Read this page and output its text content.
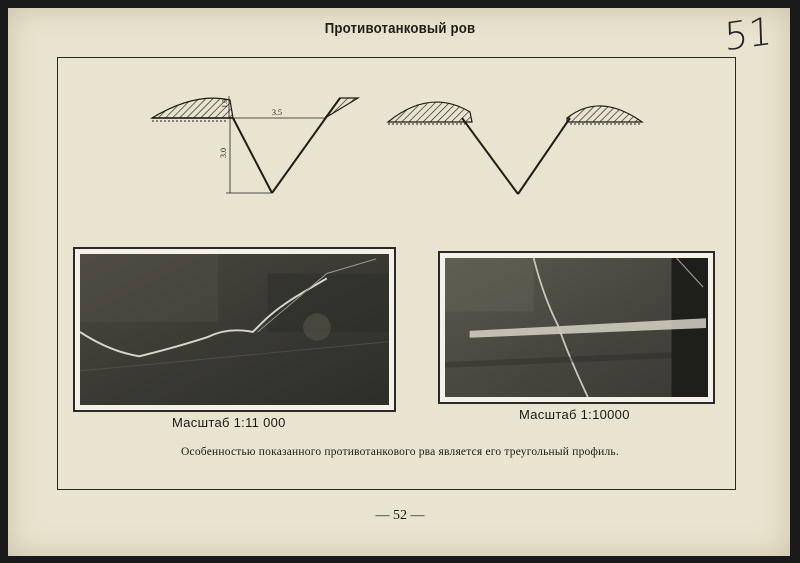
Противотанковый ров	51
3.5
3.0
1.0
Масштаб 1:11 000
Масштаб 1:10000
Особенностью показанного противотанкового рва является его треугольный профиль.
— 52 —
